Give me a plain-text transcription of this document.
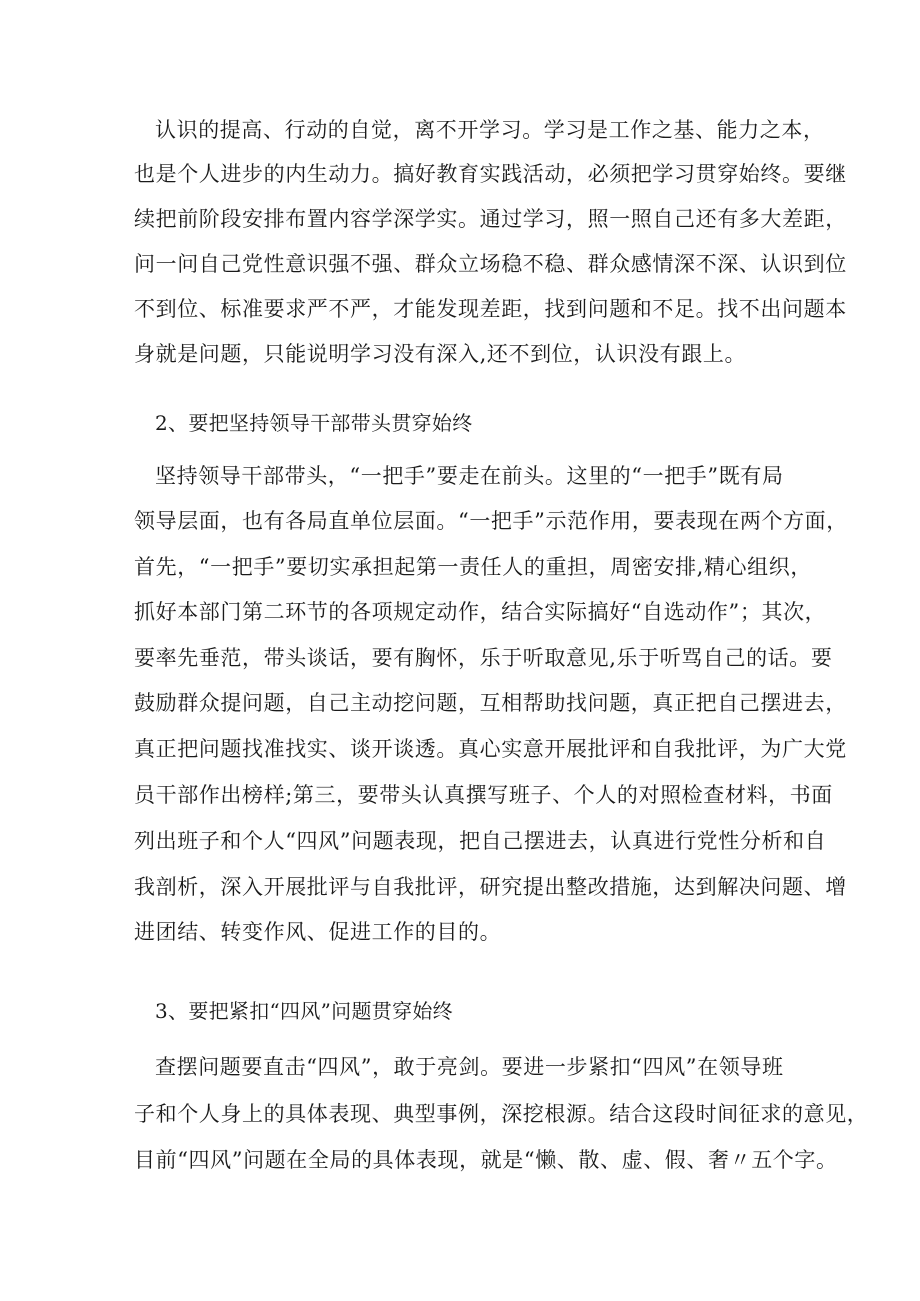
认识的提高、行动的自觉，离不开学习。学习是工作之基、能力之本，

也是个人进步的内生动力。搞好教育实践活动，必须把学习贯穿始终。要继

续把前阶段安排布置内容学深学实。通过学习，照一照自己还有多大差距，

问一问自己党性意识强不强、群众立场稳不稳、群众感情深不深、认识到位

不到位、标准要求严不严，才能发现差距，找到问题和不足。找不出问题本

身就是问题，只能说明学习没有深入,还不到位，认识没有跟上。

2、要把坚持领导干部带头贯穿始终

坚持领导干部带头，“一把手”要走在前头。这里的“一把手”既有局

领导层面，也有各局直单位层面。“一把手”示范作用，要表现在两个方面，

首先，“一把手”要切实承担起第一责任人的重担，周密安排,精心组织，

抓好本部门第二环节的各项规定动作，结合实际搞好“自选动作”；其次，

要率先垂范，带头谈话，要有胸怀，乐于听取意见,乐于听骂自己的话。要

鼓励群众提问题，自己主动挖问题，互相帮助找问题，真正把自己摆进去，

真正把问题找准找实、谈开谈透。真心实意开展批评和自我批评，为广大党

员干部作出榜样;第三，要带头认真撰写班子、个人的对照检查材料，书面

列出班子和个人“四风”问题表现，把自己摆进去，认真进行党性分析和自

我剖析，深入开展批评与自我批评，研究提出整改措施，达到解决问题、增

进团结、转变作风、促进工作的目的。

3、要把紧扣“四风”问题贯穿始终

查摆问题要直击“四风”，敢于亮剑。要进一步紧扣“四风”在领导班

子和个人身上的具体表现、典型事例，深挖根源。结合这段时间征求的意见，

目前“四风”问题在全局的具体表现，就是“懒、散、虚、假、奢〃五个字。
